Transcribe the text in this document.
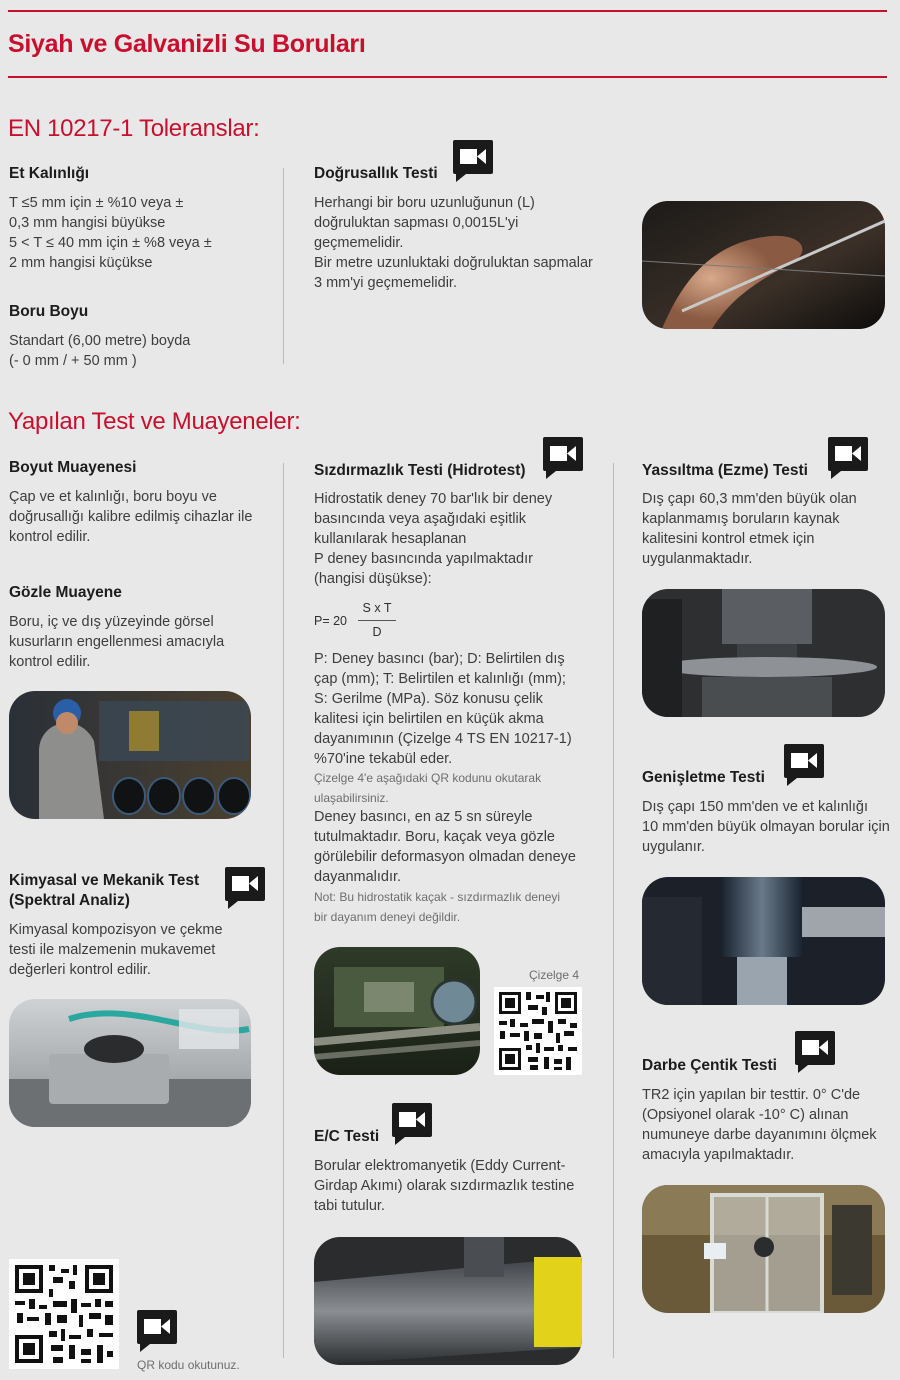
Siyah ve Galvanizli Su Boruları
EN 10217-1 Toleranslar:
Et Kalınlığı
T ≤5 mm için ± %10 veya ±
0,3 mm hangisi büyükse
5 < T ≤ 40 mm için ± %8 veya ±
2 mm hangisi küçükse
Boru Boyu
Standart (6,00 metre) boyda
(- 0 mm / + 50 mm )
Doğrusallık Testi
Herhangi bir boru uzunluğunun (L)
doğruluktan sapması 0,0015L'yi
geçmemelidir.
Bir metre uzunluktaki doğruluktan sapmalar
3 mm'yi geçmemelidir.
Yapılan Test ve Muayeneler:
Boyut Muayenesi
Çap ve et kalınlığı, boru boyu ve
doğrusallığı kalibre edilmiş cihazlar ile
kontrol edilir.
Gözle Muayene
Boru, iç ve dış yüzeyinde görsel
kusurların engellenmesi amacıyla
kontrol edilir.
Kimyasal ve Mekanik Test
(Spektral Analiz)
Kimyasal kompozisyon ve çekme
testi ile malzemenin mukavemet
değerleri kontrol edilir.
QR kodu okutunuz.
Sızdırmazlık Testi (Hidrotest)
Hidrostatik deney 70 bar'lık bir deney
basıncında veya aşağıdaki eşitlik
kullanılarak hesaplanan
P deney basıncında yapılmaktadır
(hangisi düşükse):
P= 20
S x T
D
P: Deney basıncı (bar); D: Belirtilen dış
çap (mm); T: Belirtilen et kalınlığı (mm);
S: Gerilme (MPa). Söz konusu çelik
kalitesi için belirtilen en küçük akma
dayanımının (Çizelge 4 TS EN 10217-1)
%70'ine tekabül eder.
Çizelge 4'e aşağıdaki QR kodunu okutarak
ulaşabilirsiniz.
Deney basıncı, en az 5 sn süreyle
tutulmaktadır. Boru, kaçak veya gözle
görülebilir deformasyon olmadan deneye
dayanmalıdır.
Not: Bu hidrostatik kaçak - sızdırmazlık deneyi
bir dayanım deneyi değildir.
Çizelge 4
E/C Testi
Borular elektromanyetik (Eddy Current-
Girdap Akımı) olarak sızdırmazlık testine
tabi tutulur.
Yassıltma (Ezme) Testi
Dış çapı 60,3 mm'den büyük olan
kaplanmamış boruların kaynak
kalitesini kontrol etmek için
uygulanmaktadır.
Genişletme Testi
Dış çapı 150 mm'den ve et kalınlığı
10 mm'den büyük olmayan borular için
uygulanır.
Darbe Çentik Testi
TR2 için yapılan bir testtir. 0° C'de
(Opsiyonel olarak -10° C) alınan
numuneye darbe dayanımını ölçmek
amacıyla yapılmaktadır.
